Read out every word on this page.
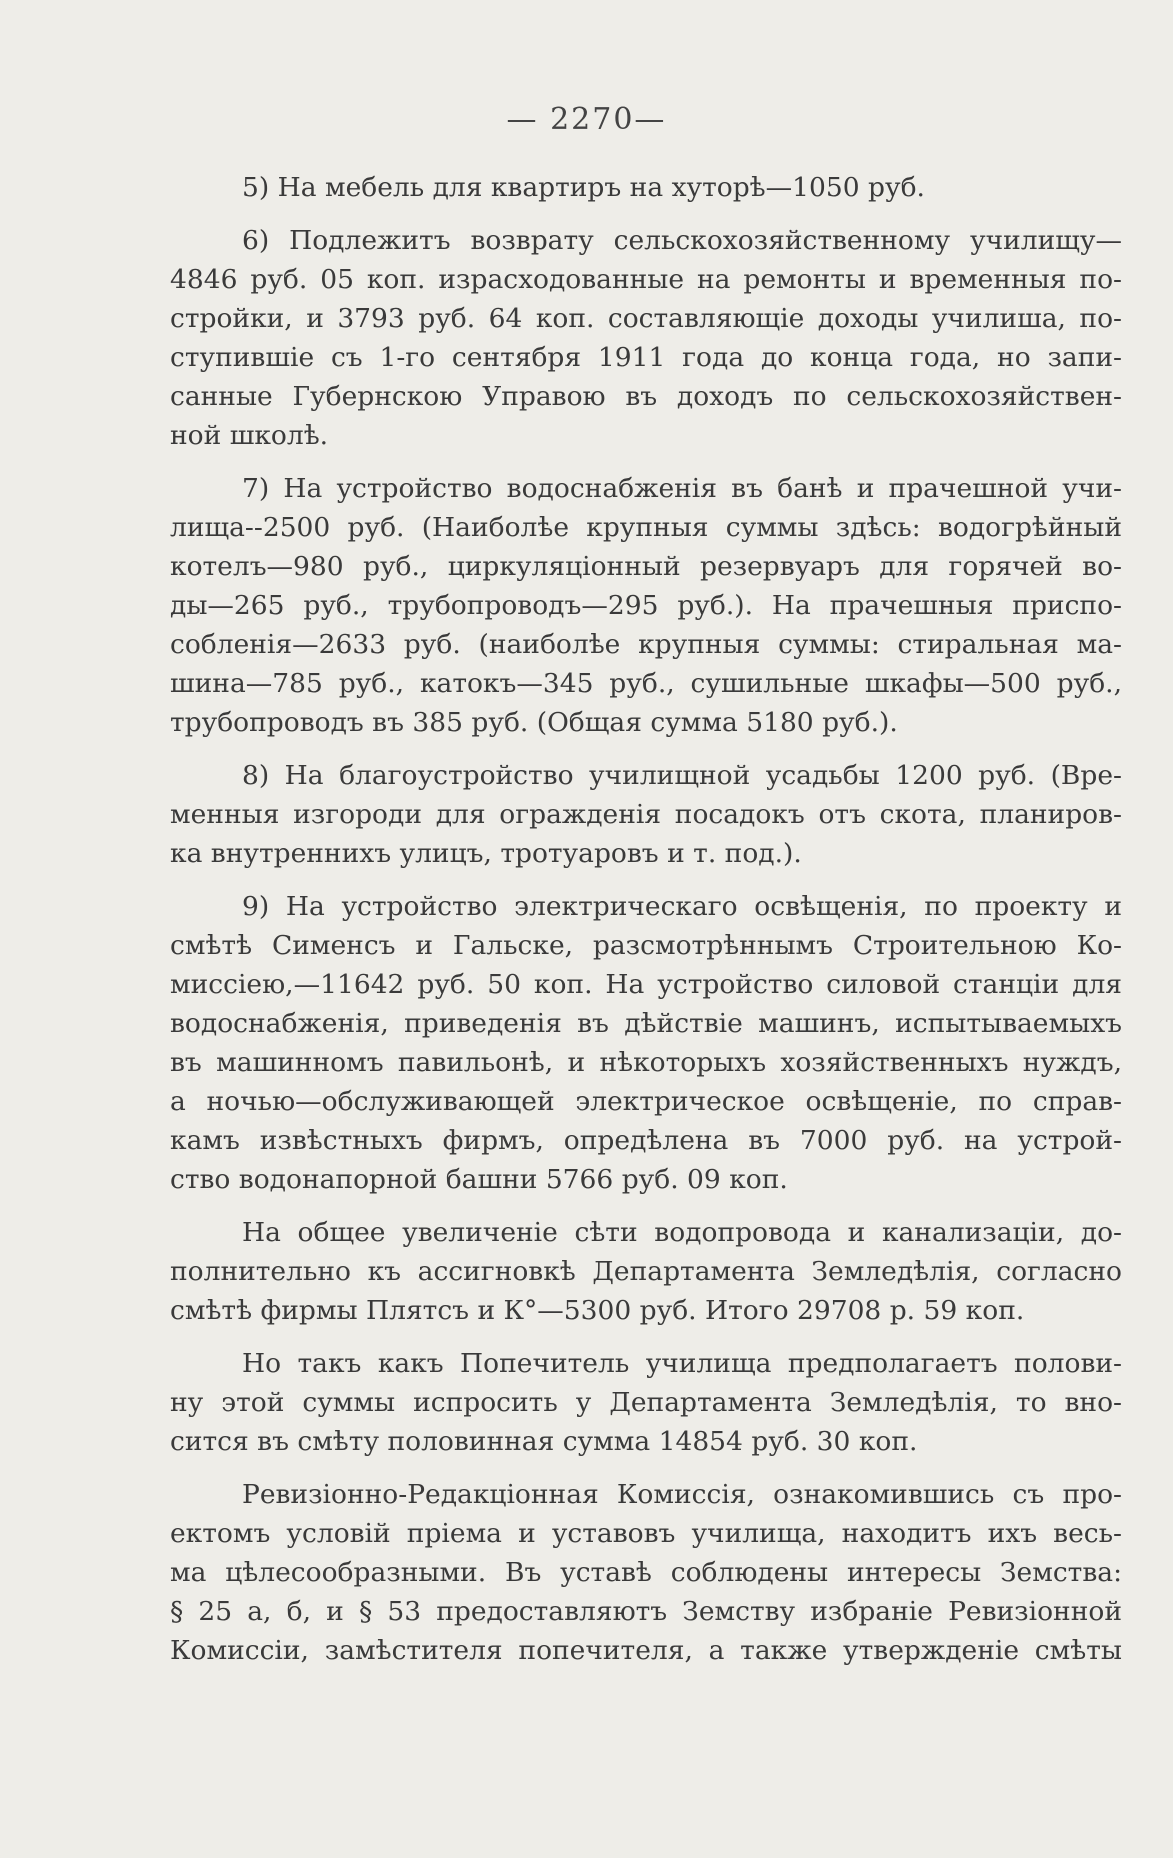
— 2270—
5) На мебель для квартиръ на хуторѣ—1050 руб.
6) Подлежитъ возврату сельскохозяйственному училищу—
4846 руб. 05 коп. израсходованные на ремонты и временныя по-
стройки, и 3793 руб. 64 коп. составляющіе доходы училиша, по-
ступившіе съ 1-го сентября 1911 года до конца года, но запи-
санные Губернскою Управою въ доходъ по сельскохозяйствен-
ной школѣ.
7) На устройство водоснабженія въ банѣ и прачешной учи-
лища--2500 руб. (Наиболѣе крупныя суммы здѣсь: водогрѣйный
котелъ—980 руб., циркуляціонный резервуаръ для горячей во-
ды—265 руб., трубопроводъ—295 руб.). На прачешныя приспо-
собленія—2633 руб. (наиболѣе крупныя суммы: стиральная ма-
шина—785 руб., катокъ—345 руб., сушильные шкафы—500 руб.,
трубопроводъ въ 385 руб. (Общая сумма 5180 руб.).
8) На благоустройство училищной усадьбы 1200 руб. (Вре-
менныя изгороди для огражденія посадокъ отъ скота, планиров-
ка внутреннихъ улицъ, тротуаровъ и т. под.).
9) На устройство электрическаго освѣщенія, по проекту и
смѣтѣ Сименсъ и Гальске, разсмотрѣннымъ Строительною Ко-
миссіею,—11642 руб. 50 коп. На устройство силовой станціи для
водоснабженія, приведенія въ дѣйствіе машинъ, испытываемыхъ
въ машинномъ павильонѣ, и нѣкоторыхъ хозяйственныхъ нуждъ,
а ночью—обслуживающей электрическое освѣщеніе, по справ-
камъ извѣстныхъ фирмъ, опредѣлена въ 7000 руб. на устрой-
ство водонапорной башни 5766 руб. 09 коп.
На общее увеличеніе сѣти водопровода и канализаціи, до-
полнительно къ ассигновкѣ Департамента Земледѣлія, согласно
смѣтѣ фирмы Плятсъ и К°—5300 руб. Итого 29708 р. 59 коп.
Но такъ какъ Попечитель училища предполагаетъ полови-
ну этой суммы испросить у Департамента Земледѣлія, то вно-
сится въ смѣту половинная сумма 14854 руб. 30 коп.
Ревизіонно-Редакціонная Комиссія, ознакомившись съ про-
ектомъ условій пріема и уставовъ училища, находитъ ихъ весь-
ма цѣлесообразными. Въ уставѣ соблюдены интересы Земства:
§ 25 а, б, и § 53 предоставляютъ Земству избраніе Ревизіонной
Комиссіи, замѣстителя попечителя, а также утвержденіе смѣты
